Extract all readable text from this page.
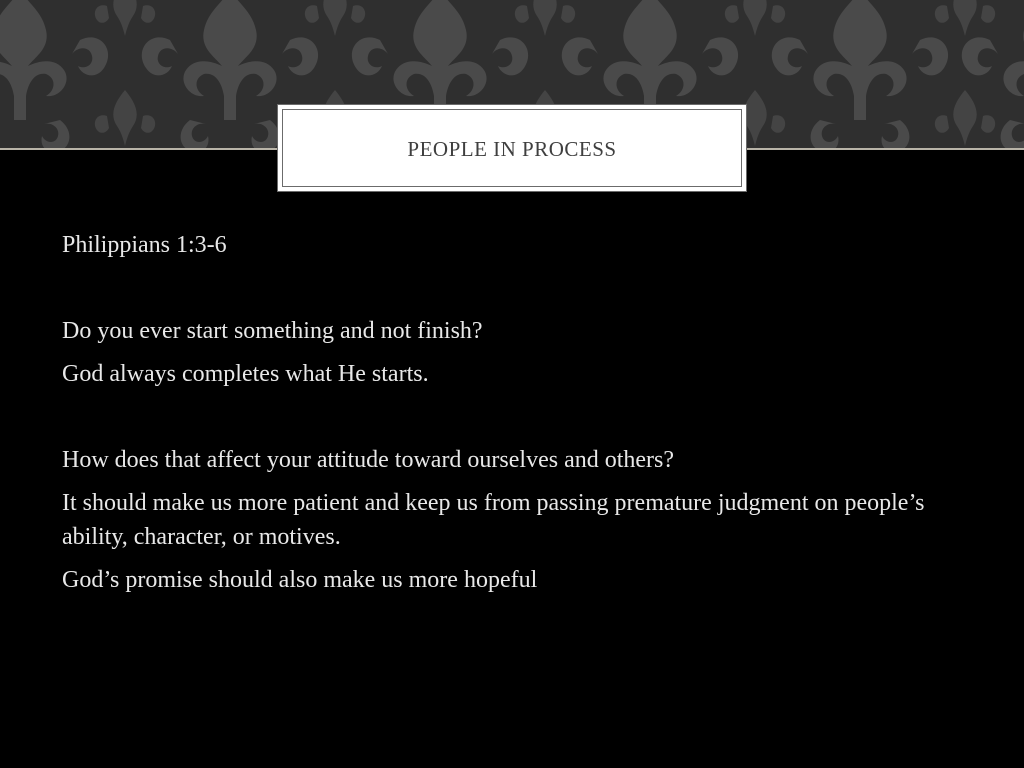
PEOPLE IN PROCESS

Philippians 1:3-6

Do you ever start something and not finish?

God always completes what He starts.

How does that affect your attitude toward ourselves and others?

It should make us more patient and keep us from passing premature judgment on people’s ability, character, or motives.

God’s promise should also make us more hopeful
